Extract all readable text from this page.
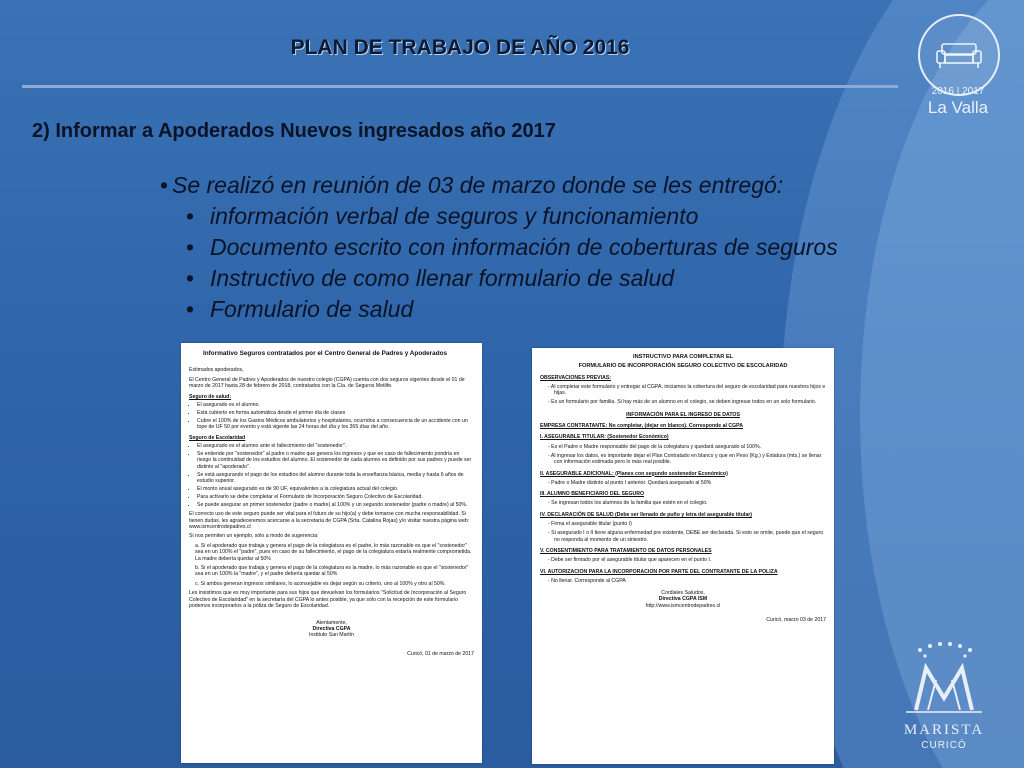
PLAN DE TRABAJO DE AÑO 2016
2) Informar a Apoderados Nuevos ingresados año 2017
• Se realizó en reunión de 03 de marzo donde se les entregó:
• información verbal de seguros y funcionamiento
• Documento escrito con información de coberturas de seguros
• Instructivo de como llenar formulario de salud
• Formulario de salud
2016 | 2017
La Valla
MARISTA
CURICÓ
Informativo Seguros contratados por el Centro General de Padres y Apoderados

Estimados apoderados,

El Centro General de Padres y Apoderados de nuestro colegio (CGPA) cuenta con dos seguros vigentes desde el 01 de marzo de 2017 hasta 28 de febrero de 2018, contratados con la Cía. de Seguros Metlife.

Seguro de salud:
• El asegurado es el alumno.
• Está cubierto en forma automática desde el primer día de clases
• Cubre el 100% de los Gastos Médicos ambulatorios y hospitalarios, ocurridos a consecuencia de un accidente con un tope de UF 50 por evento y está vigente las 24 horas del día y los 365 días del año.
Seguro de Escolaridad
• El asegurado es el alumno ante el fallecimiento del "sostenedor".
• Se entiende por "sostenedor" al padre o madre que genera los ingresos y que en caso de fallecimiento pondría en riesgo la continuidad de los estudios del alumno. El sostenedor de cada alumno es definido por sus padres y puede ser distinto al "apoderado".
• Se está asegurando el pago de los estudios del alumno durante toda la enseñanza básica, media y hasta 6 años de estudio superior.
• El monto anual asegurado es de 90 UF, equivalentes a la colegiatura actual del colegio.
• Para activarlo se debe completar el Formulario de Incorporación Seguro Colectivo de Escolaridad.
• Se puede asegurar un primer sostenedor (padre o madre) al 100% y un segundo sostenedor (padre o madre) al 50%.

El correcto uso de este seguro puede ser vital para el futuro de su hijo(a) y debe tomarse con mucha responsabilidad. Si tienen dudas, les agradeceremos acercarse a la secretaria de CGPA (Srta. Catalina Rojas) y/o visitar nuestra página web: www.ismcentrodepadres.cl

Si nos permiten un ejemplo, sólo a modo de sugerencia:

a. Si el apoderado que trabaja y genera el pago de la colegiatura es el padre, lo más razonable es que el "sostenedor" sea en un 100% el "padre", pues en caso de su fallecimiento, el pago de la colegiatura estaría realmente comprometida. La madre debería quedar al 50%

b. Si el apoderado que trabaja y genera el pago de la colegiatura es la madre, lo más razonable es que el "sostenedor" sea en un 100% la "madre", y el padre debería quedar al 50%

c. Si ambos generan ingresos similares, lo aconsejable es dejar según su criterio, uno al 100% y otro al 50%.

Les insistimos que es muy importante para sus hijos que devuelvan los formularios "Solicitud de Incorporación al Seguro Colectivo de Escolaridad" en la secretaría del CGPA lo antes posible, ya que sólo con la recepción de este formulario podemos incorporarlos a la póliza de Seguro de Escolaridad.

Atentamente,
Directiva CGPA
Instituto San Martín
Curicó, 01 de marzo de 2017
INSTRUCTIVO PARA COMPLETAR EL
FORMULARIO DE INCORPORACIÓN SEGURO COLECTIVO DE ESCOLARIDAD
OBSERVACIONES PREVIAS:
- Al completar este formulario y entregar al CGPA, iniciamos la cobertura del seguro de escolaridad para nuestros hijos e hijas.
- Es un formulario por familia. Si hay más de un alumno en el colegio, se deben ingresar todos en un solo formulario.
INFORMACIÓN PARA EL INGRESO DE DATOS
EMPRESA CONTRATANTE: No completar, (dejar en blanco). Corresponde al CGPA
I. ASEGURABLE TITULAR: (Sostenedor Económico)
- Es el Padre o Madre responsable del pago de la colegiatura y quedará asegurado al 100%.
- Al ingresar los datos, es importante dejar el Plan Contratado en blanco y que en Peso (Kg.) y Estatura (mts.) se llenar con información estimada pero lo más real posible.
II. ASEGURABLE ADICIONAL: (Planes con segundo sostenedor Económico)
- Padre o Madre distinto al punto I anterior. Quedará asegurado al 50%
III. ALUMNO BENEFICIARIO DEL SEGURO
- Se ingresan todos los alumnos de la familia que estén en el colegio.
IV. DECLARACIÓN DE SALUD (Debe ser llenado de puño y letra del asegurable titular)
- Firma el asegurable titular (punto I)
- Si asegurado I o II tiene alguna enfermedad pre existente, DEBE ser declarada. Si esto se omite, puede que el seguro no responda al momento de un siniestro.
V. CONSENTIMIENTO PARA TRATAMIENTO DE DATOS PERSONALES
- Debe ser firmado por el asegurable titular que aparecen en el punto I.
VI. AUTORIZACION PARA LA INCORPORACION POR PARTE DEL CONTRATANTE DE LA POLIZA
- No llenar. Corresponde al CGPA
Cordiales Saludos,
Directiva CGPA ISM
http://www.ismcentrodepadres.cl
Curicó, marzo 03 de 2017
